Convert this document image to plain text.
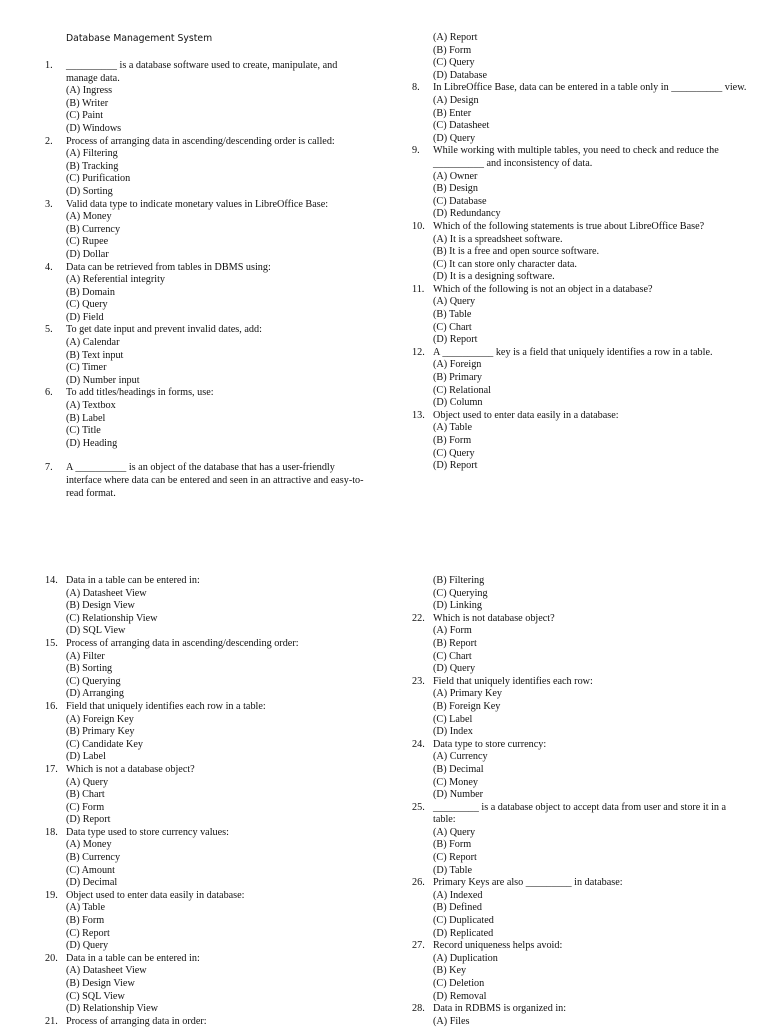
Database Management System
1.	__________ is a database software used to create, manipulate, and manage data.
(A) Ingress
(B) Writer
(C) Paint
(D) Windows
2.	Process of arranging data in ascending/descending order is called:
(A) Filtering
(B) Tracking
(C) Purification
(D) Sorting
3.	Valid data type to indicate monetary values in LibreOffice Base:
(A) Money
(B) Currency
(C) Rupee
(D) Dollar
4.	Data can be retrieved from tables in DBMS using:
(A) Referential integrity
(B) Domain
(C) Query
(D) Field
5.	To get date input and prevent invalid dates, add:
(A) Calendar
(B) Text input
(C) Timer
(D) Number input
6.	To add titles/headings in forms, use:
(A) Textbox
(B) Label
(C) Title
(D) Heading
7.	A __________ is an object of the database that has a user-friendly interface where data can be entered and seen in an attractive and easy-to-read format.
(A) Report
(B) Form
(C) Query
(D) Database
8.	In LibreOffice Base, data can be entered in a table only in __________ view.
(A) Design
(B) Enter
(C) Datasheet
(D) Query
9.	While working with multiple tables, you need to check and reduce the __________ and inconsistency of data.
(A) Owner
(B) Design
(C) Database
(D) Redundancy
10. Which of the following statements is true about LibreOffice Base?
(A) It is a spreadsheet software.
(B) It is a free and open source software.
(C) It can store only character data.
(D) It is a designing software.
11. Which of the following is not an object in a database?
(A) Query
(B) Table
(C) Chart
(D) Report
12. A __________ key is a field that uniquely identifies a row in a table.
(A) Foreign
(B) Primary
(C) Relational
(D) Column
13. Object used to enter data easily in a database:
(A) Table
(B) Form
(C) Query
(D) Report
14. Data in a table can be entered in:
(A) Datasheet View
(B) Design View
(C) Relationship View
(D) SQL View
15. Process of arranging data in ascending/descending order:
(A) Filter
(B) Sorting
(C) Querying
(D) Arranging
16. Field that uniquely identifies each row in a table:
(A) Foreign Key
(B) Primary Key
(C) Candidate Key
(D) Label
17. Which is not a database object?
(A) Query
(B) Chart
(C) Form
(D) Report
18. Data type used to store currency values:
(A) Money
(B) Currency
(C) Amount
(D) Decimal
19. Object used to enter data easily in database:
(A) Table
(B) Form
(C) Report
(D) Query
20. Data in a table can be entered in:
(A) Datasheet View
(B) Design View
(C) SQL View
(D) Relationship View
21. Process of arranging data in order:
(B) Filtering
(C) Querying
(D) Linking
22. Which is not database object?
(A) Form
(B) Report
(C) Chart
(D) Query
23. Field that uniquely identifies each row:
(A) Primary Key
(B) Foreign Key
(C) Label
(D) Index
24. Data type to store currency:
(A) Currency
(B) Decimal
(C) Money
(D) Number
25. _________ is a database object to accept data from user and store it in a table:
(A) Query
(B) Form
(C) Report
(D) Table
26. Primary Keys are also _________ in database:
(A) Indexed
(B) Defined
(C) Duplicated
(D) Replicated
27. Record uniqueness helps avoid:
(A) Duplication
(B) Key
(C) Deletion
(D) Removal
28. Data in RDBMS is organized in:
(A) Files
